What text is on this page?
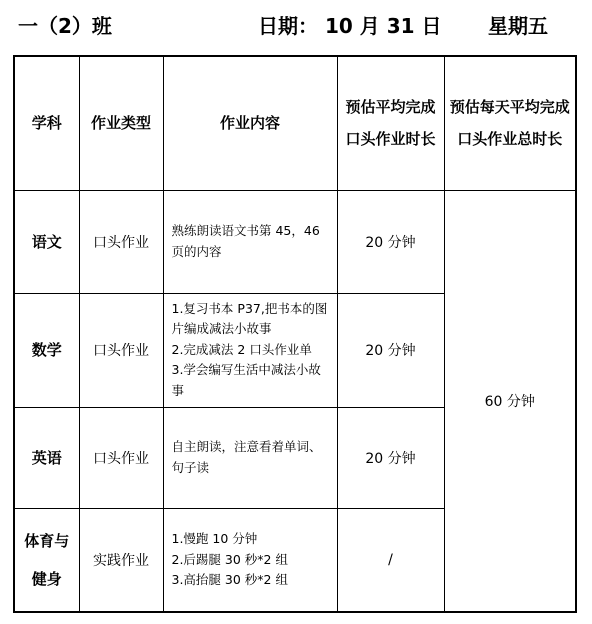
一（2）班	日期： 10 月 31 日 星期五
学科	作业类型	作业内容	预估平均完成口头作业时长	预估每天平均完成口头作业总时长
语文	口头作业	熟练朗读语文书第 45，46 页的内容	20 分钟	60 分钟
数学	口头作业	1.复习书本 P37,把书本的图片编成减法小故事
2.完成减法 2 口头作业单
3.学会编写生活中减法小故事	20 分钟	
英语	口头作业	自主朗读，注意看着单词、句子读	20 分钟	
体育与健身	实践作业	1.慢跑 10 分钟
2.后踢腿 30 秒*2 组
3.高抬腿 30 秒*2 组	/	
